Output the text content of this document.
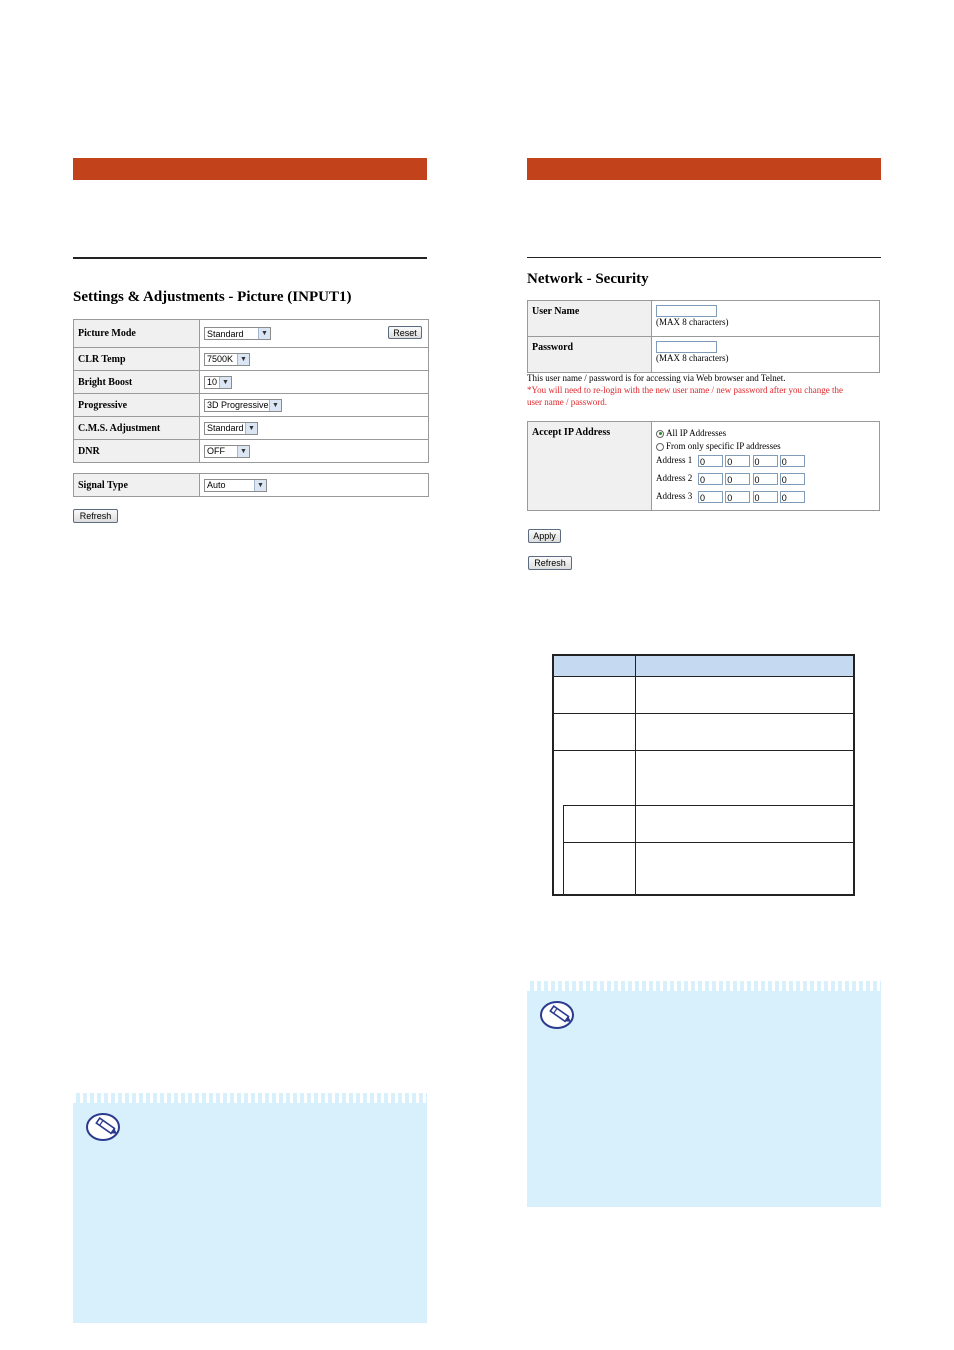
Settings & Adjustments - Picture (INPUT1)
Picture Mode	Standard ▼ Reset

CLR Temp	7500K ▼

Bright Boost	10 ▼

Progressive	3D Progressive ▼

C.M.S. Adjustment	Standard ▼

DNR	OFF ▼
Signal Type	Auto	▼
Refresh
Network - Security
User Name	(MAX 8 characters)
Password	(MAX 8 characters)
This user name / password is for accessing via Web browser and Telnet.
*You will need to re-login with the new user name / new password after you change the
user name / password.
Accept IP Address	All IP Addresses
From only specific IP addresses
Address 1 0 0 0 0
Address 2 0 0 0 0
Address 3 0 0 0 0
Apply
Refresh
